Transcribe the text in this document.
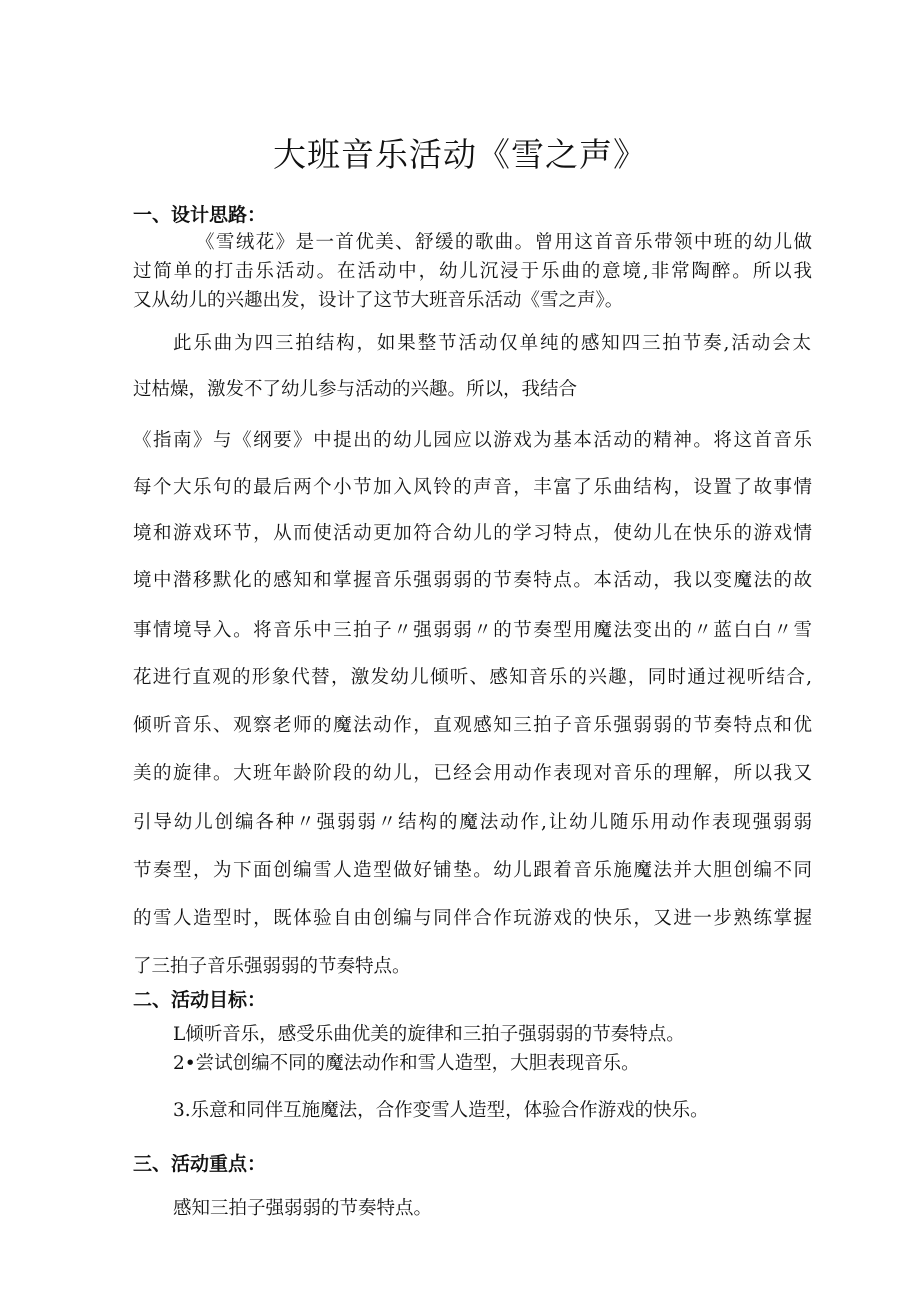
大班音乐活动《雪之声》
一、设计思路：
《雪绒花》是一首优美、舒缓的歌曲。曾用这首音乐带领中班的幼儿做
过简单的打击乐活动。在活动中，幼儿沉浸于乐曲的意境,非常陶醉。所以我
又从幼儿的兴趣出发，设计了这节大班音乐活动《雪之声》。
此乐曲为四三拍结构，如果整节活动仅单纯的感知四三拍节奏,活动会太
过枯燥，激发不了幼儿参与活动的兴趣。所以，我结合
《指南》与《纲要》中提出的幼儿园应以游戏为基本活动的精神。将这首音乐
每个大乐句的最后两个小节加入风铃的声音，丰富了乐曲结构，设置了故事情
境和游戏环节，从而使活动更加符合幼儿的学习特点，使幼儿在快乐的游戏情
境中潜移默化的感知和掌握音乐强弱弱的节奏特点。本活动，我以变魔法的故
事情境导入。将音乐中三拍子〃强弱弱〃的节奏型用魔法变出的〃蓝白白〃雪
花进行直观的形象代替，激发幼儿倾听、感知音乐的兴趣，同时通过视听结合,
倾听音乐、观察老师的魔法动作，直观感知三拍子音乐强弱弱的节奏特点和优
美的旋律。大班年龄阶段的幼儿，已经会用动作表现对音乐的理解，所以我又
引导幼儿创编各种〃强弱弱〃结构的魔法动作,让幼儿随乐用动作表现强弱弱
节奏型，为下面创编雪人造型做好铺垫。幼儿跟着音乐施魔法并大胆创编不同
的雪人造型时，既体验自由创编与同伴合作玩游戏的快乐，又进一步熟练掌握
了三拍子音乐强弱弱的节奏特点。
二、活动目标：
L倾听音乐，感受乐曲优美的旋律和三拍子强弱弱的节奏特点。
2•尝试创编不同的魔法动作和雪人造型，大胆表现音乐。
3.乐意和同伴互施魔法，合作变雪人造型，体验合作游戏的快乐。
三、活动重点：
感知三拍子强弱弱的节奏特点。
